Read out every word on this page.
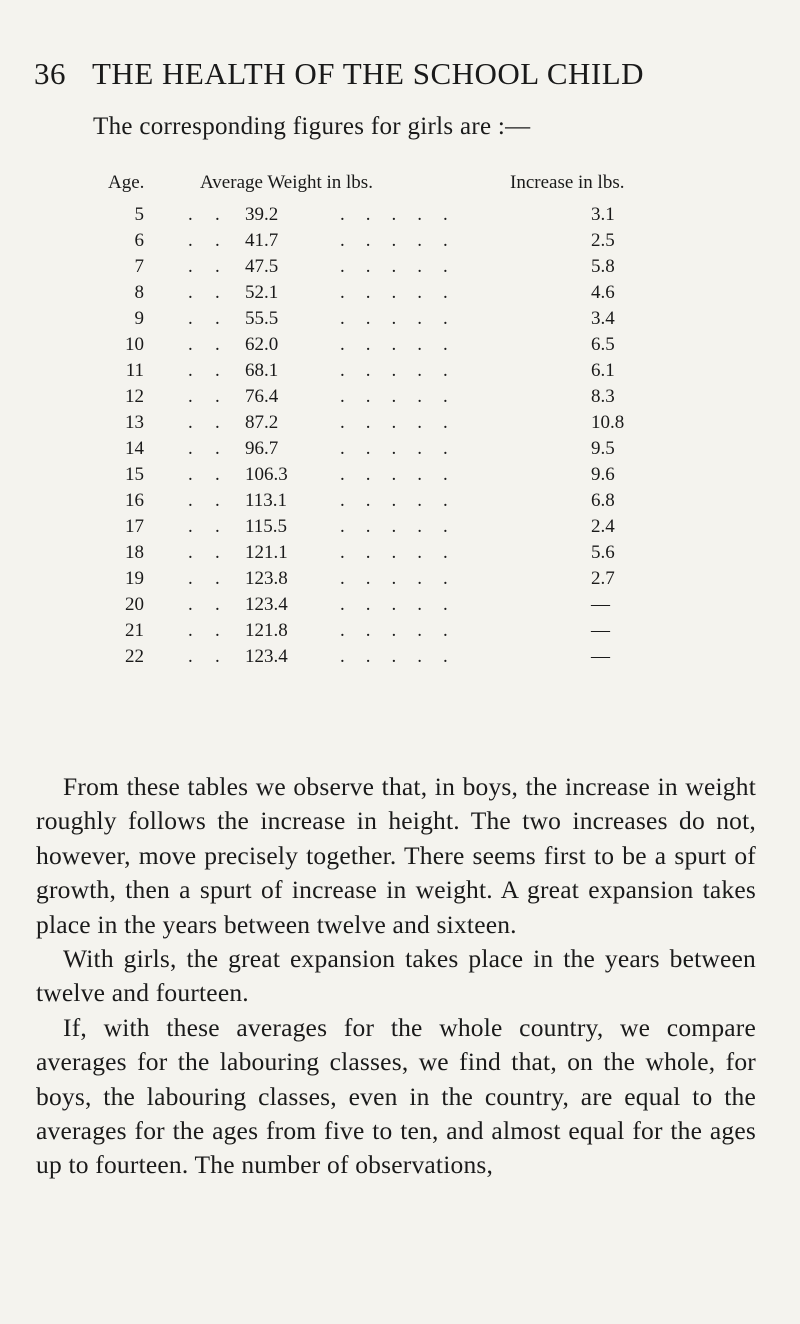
36 THE HEALTH OF THE SCHOOL CHILD
The corresponding figures for girls are :—
Age.	Average Weight in lbs.	Increase in lbs.
5 . . 39.2	.....	3.1
6 . . 41.7	.....	2.5
7 . . 47.5	.....	5.8
8 . . 52.1	.....	4.6
9 . . 55.5	.....	3.4
10 . . 62.0	.....	6.5
11 . . 68.1	.....	6.1
12 . . 76.4	.....	8.3
13 . . 87.2	.....	10.8
14 . . 96.7	.....	9.5
15 . . 106.3	.....	9.6
16 . . 113.1	.....	6.8
17 . . 115.5	.....	2.4
18 . . 121.1	.....	5.6
19 . . 123.8	.....	2.7
20 . . 123.4	.....	—
21 . . 121.8	.....	—
22 . . 123.4	.....	—

From these tables we observe that, in boys, the increase in weight roughly follows the increase in height. The two increases do not, however, move precisely together. There seems first to be a spurt of growth, then a spurt of increase in weight. A great expansion takes place in the years between twelve and sixteen.

With girls, the great expansion takes place in the years between twelve and fourteen.

If, with these averages for the whole country, we compare averages for the labouring classes, we find that, on the whole, for boys, the labouring classes, even in the country, are equal to the averages for the ages from five to ten, and almost equal for the ages up to fourteen. The number of observations,
